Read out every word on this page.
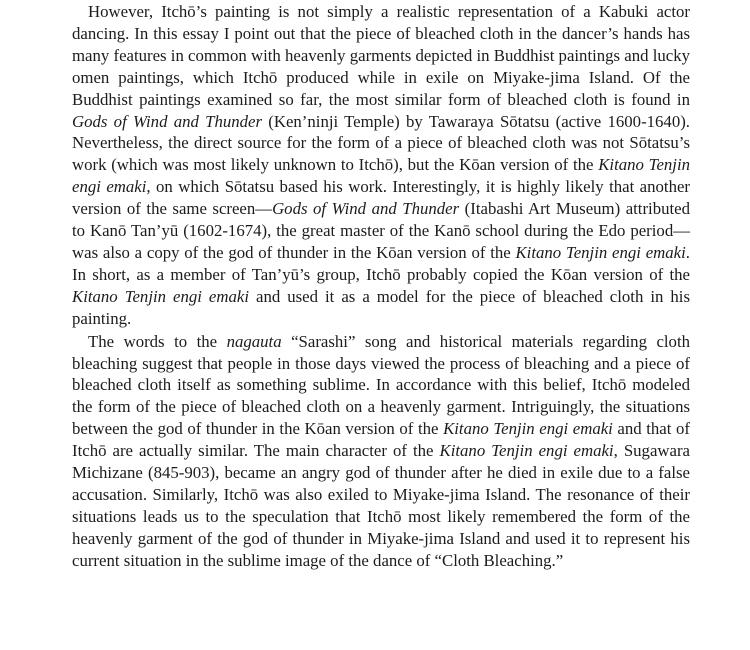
However, Itchō’s painting is not simply a realistic representation of a Kabuki actor dancing. In this essay I point out that the piece of bleached cloth in the dancer’s hands has many features in common with heavenly garments depicted in Buddhist paintings and lucky omen paintings, which Itchō produced while in exile on Miyake-jima Island. Of the Buddhist paintings examined so far, the most similar form of bleached cloth is found in Gods of Wind and Thunder (Ken’ninji Temple) by Tawaraya Sōtatsu (active 1600-1640). Nevertheless, the direct source for the form of a piece of bleached cloth was not Sōtatsu’s work (which was most likely unknown to Itchō), but the Kōan version of the Kitano Tenjin engi emaki, on which Sōtatsu based his work. Interestingly, it is highly likely that another version of the same screen—Gods of Wind and Thunder (Itabashi Art Museum) attributed to Kanō Tan’yū (1602-1674), the great master of the Kanō school during the Edo period—was also a copy of the god of thunder in the Kōan version of the Kitano Tenjin engi emaki. In short, as a member of Tan’yū’s group, Itchō probably copied the Kōan version of the Kitano Tenjin engi emaki and used it as a model for the piece of bleached cloth in his painting.

The words to the nagauta “Sarashi” song and historical materials regarding cloth bleaching suggest that people in those days viewed the process of bleaching and a piece of bleached cloth itself as something sublime. In accordance with this belief, Itchō modeled the form of the piece of bleached cloth on a heavenly garment. Intriguingly, the situations between the god of thunder in the Kōan version of the Kitano Tenjin engi emaki and that of Itchō are actually similar. The main character of the Kitano Tenjin engi emaki, Sugawara Michizane (845-903), became an angry god of thunder after he died in exile due to a false accusation. Similarly, Itchō was also exiled to Miyake-jima Island. The resonance of their situations leads us to the speculation that Itchō most likely remembered the form of the heavenly garment of the god of thunder in Miyake-jima Island and used it to represent his current situation in the sublime image of the dance of “Cloth Bleaching.”
